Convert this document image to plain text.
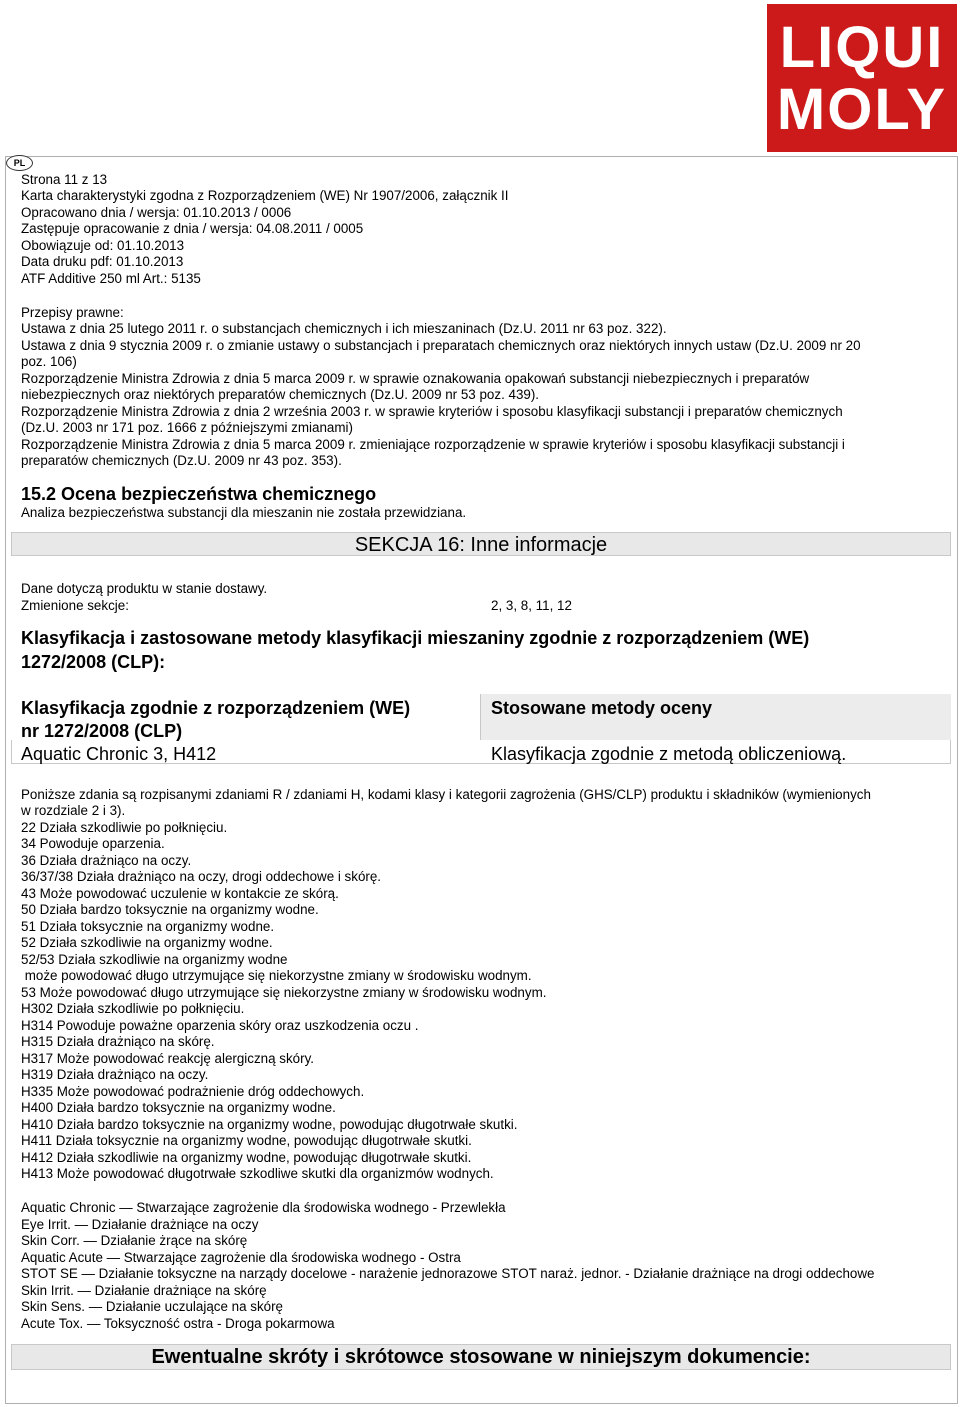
LIQUI
MOLY
PL
Strona 11 z 13
Karta charakterystyki zgodna z Rozporządzeniem (WE) Nr 1907/2006, załącznik II
Opracowano dnia / wersja: 01.10.2013 / 0006
Zastępuje opracowanie z dnia / wersja: 04.08.2011 / 0005
Obowiązuje od: 01.10.2013
Data druku pdf: 01.10.2013
ATF Additive 250 ml Art.: 5135
Przepisy prawne:
Ustawa z dnia 25 lutego 2011 r. o substancjach chemicznych i ich mieszaninach (Dz.U. 2011 nr 63 poz. 322).
Ustawa z dnia 9 stycznia 2009 r. o zmianie ustawy o substancjach i preparatach chemicznych oraz niektórych innych ustaw (Dz.U. 2009 nr 20
poz. 106)
Rozporządzenie Ministra Zdrowia z dnia 5 marca 2009 r. w sprawie oznakowania opakowań substancji niebezpiecznych i preparatów
niebezpiecznych oraz niektórych preparatów chemicznych (Dz.U. 2009 nr 53 poz. 439).
Rozporządzenie Ministra Zdrowia z dnia 2 września 2003 r. w sprawie kryteriów i sposobu klasyfikacji substancji i preparatów chemicznych
(Dz.U. 2003 nr 171 poz. 1666 z późniejszymi zmianami)
Rozporządzenie Ministra Zdrowia z dnia 5 marca 2009 r. zmieniające rozporządzenie w sprawie kryteriów i sposobu klasyfikacji substancji i
preparatów chemicznych (Dz.U. 2009 nr 43 poz. 353).
15.2 Ocena bezpieczeństwa chemicznego
Analiza bezpieczeństwa substancji dla mieszanin nie została przewidziana.
SEKCJA 16: Inne informacje
Dane dotyczą produktu w stanie dostawy.
Zmienione sekcje:	2, 3, 8, 11, 12
Klasyfikacja i zastosowane metody klasyfikacji mieszaniny zgodnie z rozporządzeniem (WE)
1272/2008 (CLP):
Klasyfikacja zgodnie z rozporządzeniem (WE)
nr 1272/2008 (CLP)
Stosowane metody oceny
Aquatic Chronic 3, H412	Klasyfikacja zgodnie z metodą obliczeniową.
Poniższe zdania są rozpisanymi zdaniami R / zdaniami H, kodami klasy i kategorii zagrożenia (GHS/CLP) produktu i składników (wymienionych
w rozdziale 2 i 3).
22 Działa szkodliwie po połknięciu.
34 Powoduje oparzenia.
36 Działa drażniąco na oczy.
36/37/38 Działa drażniąco na oczy, drogi oddechowe i skórę.
43 Może powodować uczulenie w kontakcie ze skórą.
50 Działa bardzo toksycznie na organizmy wodne.
51 Działa toksycznie na organizmy wodne.
52 Działa szkodliwie na organizmy wodne.
52/53 Działa szkodliwie na organizmy wodne
może powodować długo utrzymujące się niekorzystne zmiany w środowisku wodnym.
53 Może powodować długo utrzymujące się niekorzystne zmiany w środowisku wodnym.
H302 Działa szkodliwie po połknięciu.
H314 Powoduje poważne oparzenia skóry oraz uszkodzenia oczu .
H315 Działa drażniąco na skórę.
H317 Może powodować reakcję alergiczną skóry.
H319 Działa drażniąco na oczy.
H335 Może powodować podrażnienie dróg oddechowych.
H400 Działa bardzo toksycznie na organizmy wodne.
H410 Działa bardzo toksycznie na organizmy wodne, powodując długotrwałe skutki.
H411 Działa toksycznie na organizmy wodne, powodując długotrwałe skutki.
H412 Działa szkodliwie na organizmy wodne, powodując długotrwałe skutki.
H413 Może powodować długotrwałe szkodliwe skutki dla organizmów wodnych.
Aquatic Chronic — Stwarzające zagrożenie dla środowiska wodnego - Przewlekła
Eye Irrit. — Działanie drażniące na oczy
Skin Corr. — Działanie żrące na skórę
Aquatic Acute — Stwarzające zagrożenie dla środowiska wodnego - Ostra
STOT SE — Działanie toksyczne na narządy docelowe - narażenie jednorazowe STOT naraż. jednor. - Działanie drażniące na drogi oddechowe
Skin Irrit. — Działanie drażniące na skórę
Skin Sens. — Działanie uczulające na skórę
Acute Tox. — Toksyczność ostra - Droga pokarmowa
Ewentualne skróty i skrótowce stosowane w niniejszym dokumencie:
